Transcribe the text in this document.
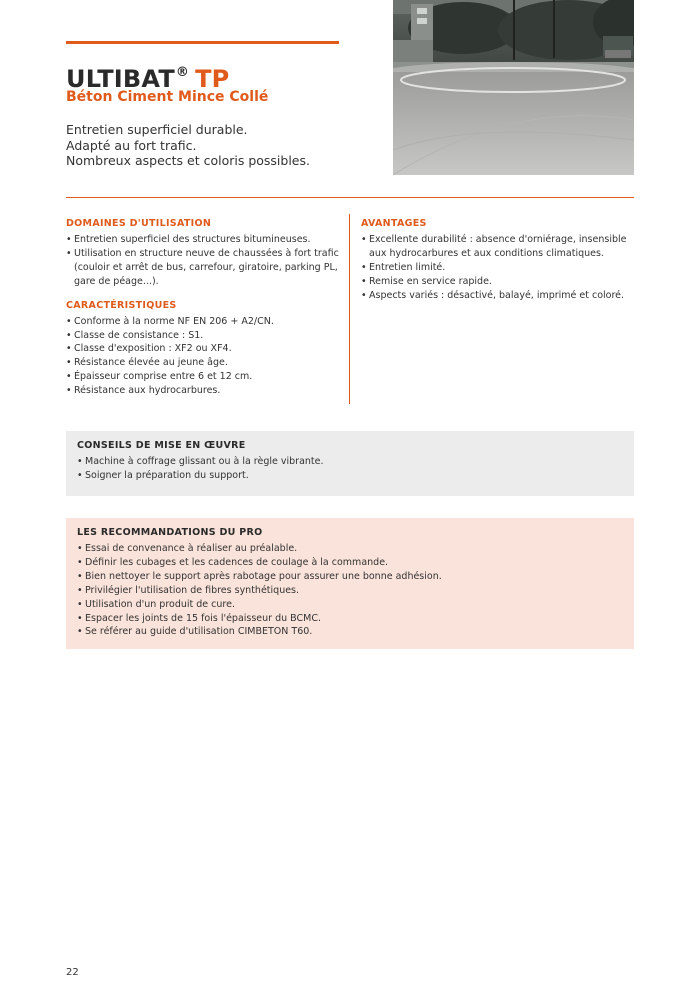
ULTIBAT® TP
Béton Ciment Mince Collé
Entretien superficiel durable.
Adapté au fort trafic.
Nombreux aspects et coloris possibles.
DOMAINES D'UTILISATION
• Entretien superficiel des structures bitumineuses.
• Utilisation en structure neuve de chaussées à fort trafic (couloir et arrêt de bus, carrefour, giratoire, parking PL, gare de péage...).
CARACTÉRISTIQUES
• Conforme à la norme NF EN 206 + A2/CN.
• Classe de consistance : S1.
• Classe d'exposition : XF2 ou XF4.
• Résistance élevée au jeune âge.
• Épaisseur comprise entre 6 et 12 cm.
• Résistance aux hydrocarbures.
AVANTAGES
• Excellente durabilité : absence d'orniérage, insensible aux hydrocarbures et aux conditions climatiques.
• Entretien limité.
• Remise en service rapide.
• Aspects variés : désactivé, balayé, imprimé et coloré.
CONSEILS DE MISE EN ŒUVRE
• Machine à coffrage glissant ou à la règle vibrante.
• Soigner la préparation du support.
LES RECOMMANDATIONS DU PRO
• Essai de convenance à réaliser au préalable.
• Définir les cubages et les cadences de coulage à la commande.
• Bien nettoyer le support après rabotage pour assurer une bonne adhésion.
• Privilégier l'utilisation de fibres synthétiques.
• Utilisation d'un produit de cure.
• Espacer les joints de 15 fois l'épaisseur du BCMC.
• Se référer au guide d'utilisation CIMBETON T60.
22
